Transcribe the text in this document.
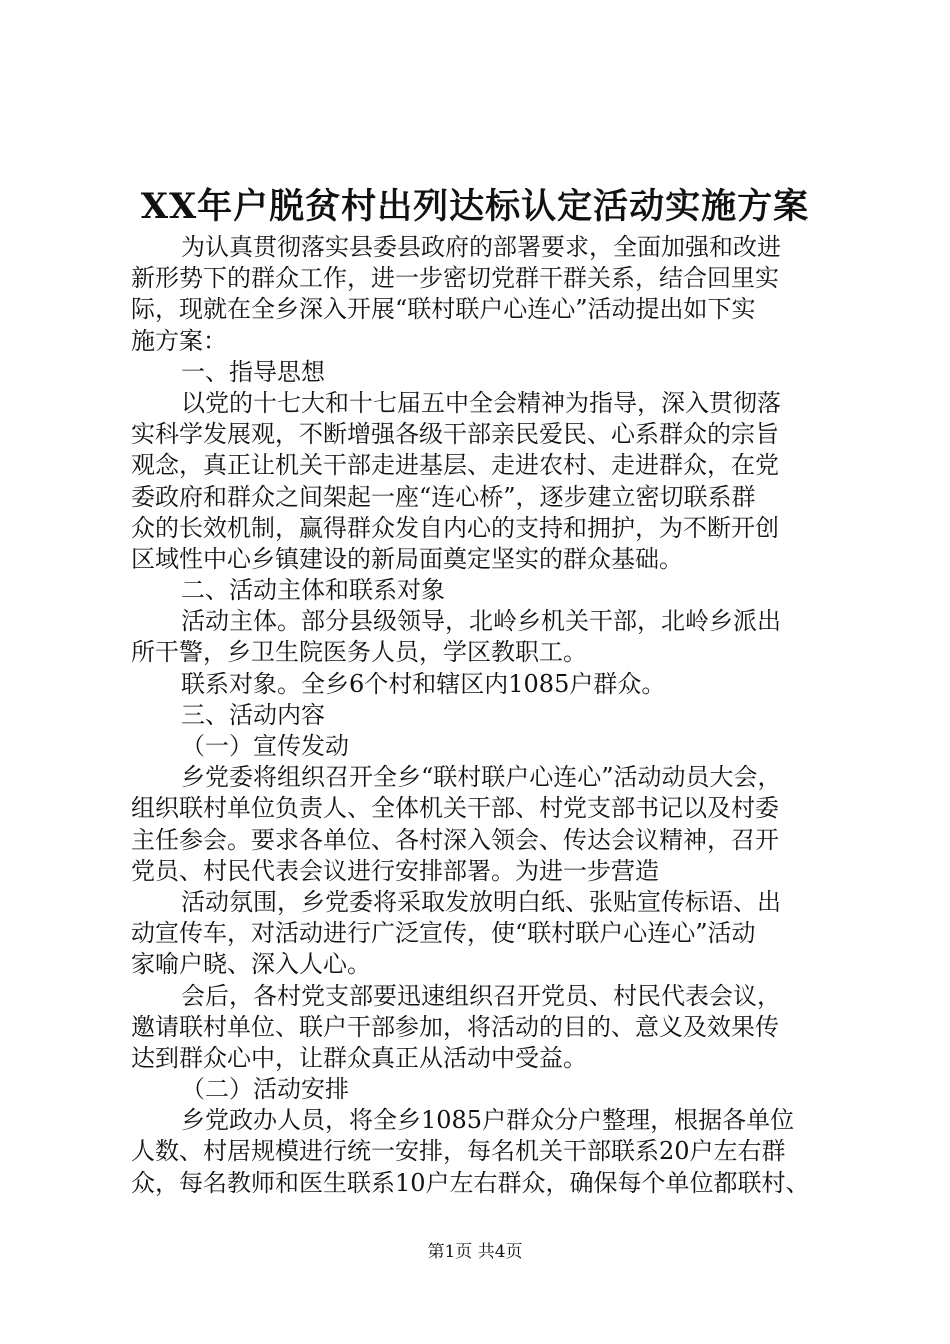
XX年户脱贫村出列达标认定活动实施方案
为认真贯彻落实县委县政府的部署要求，全面加强和改进
新形势下的群众工作，进一步密切党群干群关系，结合回里实
际，现就在全乡深入开展“联村联户心连心”活动提出如下实
施方案：
一、指导思想
以党的十七大和十七届五中全会精神为指导，深入贯彻落
实科学发展观，不断增强各级干部亲民爱民、心系群众的宗旨
观念，真正让机关干部走进基层、走进农村、走进群众，在党
委政府和群众之间架起一座“连心桥”，逐步建立密切联系群
众的长效机制，赢得群众发自内心的支持和拥护，为不断开创
区域性中心乡镇建设的新局面奠定坚实的群众基础。
二、活动主体和联系对象
活动主体。部分县级领导，北岭乡机关干部，北岭乡派出
所干警，乡卫生院医务人员，学区教职工。
联系对象。全乡6个村和辖区内1085户群众。
三、活动内容
（一）宣传发动
乡党委将组织召开全乡“联村联户心连心”活动动员大会，
组织联村单位负责人、全体机关干部、村党支部书记以及村委
主任参会。要求各单位、各村深入领会、传达会议精神，召开
党员、村民代表会议进行安排部署。为进一步营造
活动氛围，乡党委将采取发放明白纸、张贴宣传标语、出
动宣传车，对活动进行广泛宣传，使“联村联户心连心”活动
家喻户晓、深入人心。
会后，各村党支部要迅速组织召开党员、村民代表会议，
邀请联村单位、联户干部参加，将活动的目的、意义及效果传
达到群众心中，让群众真正从活动中受益。
（二）活动安排
乡党政办人员，将全乡1085户群众分户整理，根据各单位
人数、村居规模进行统一安排，每名机关干部联系20户左右群
众，每名教师和医生联系10户左右群众，确保每个单位都联村、
第1页 共4页
